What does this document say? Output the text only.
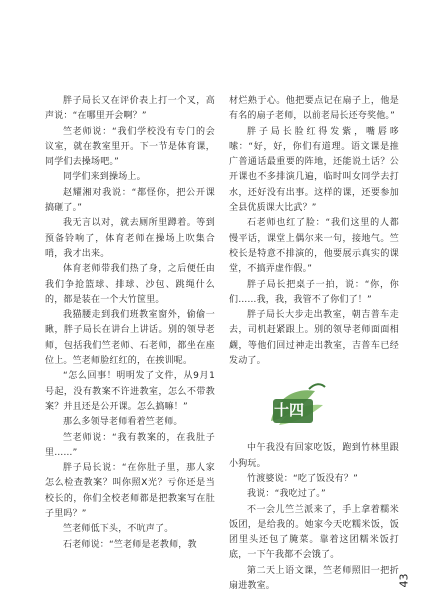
胖子局长又在评价表上打一个叉，高声说：“在哪里开会啊？”

竺老师说：“我们学校没有专门的会议室，就在教室里开。下一节是体育课，同学们去操场吧。”

同学们来到操场上。

赵耀湘对我说：“都怪你，把公开课搞砸了。”

我无言以对，就去厕所里蹲着。等到预备铃响了，体育老师在操场上吹集合哨，我才出来。

体育老师带我们热了身，之后便任由我们争抢篮球、排球、沙包、跳绳什么的，都是装在一个大竹筐里。

我猫腰走到我们班教室窗外，偷偷一瞅，胖子局长在讲台上讲话。别的领导老师，包括我们竺老师、石老师，都坐在座位上。竺老师脸红红的，在挨训呢。

“怎么回事！明明发了文件，从9月1号起，没有教案不许进教室，怎么不带教案？并且还是公开课。怎么搞嘛！”

那么多领导老师看着竺老师。

竺老师说：“我有教案的，在我肚子里……”

胖子局长说：“在你肚子里，那人家怎么检查教案？叫你照X光？亏你还是当校长的，你们全校老师都是把教案写在肚子里吗？”

竺老师低下头，不吭声了。

石老师说：“竺老师是老教师，教

材烂熟于心。他把要点记在扇子上，他是有名的扇子老师，以前老局长还夸奖他。”

胖子局长脸红得发紫，嘴唇哆嗦：“好，好，你们有道理。语文课是推广普通话最重要的阵地，还能说土话？公开课也不多排演几遍，临时叫女同学去打水，还好没有出事。这样的课，还要参加全县优质课大比武？”

石老师也红了脸：“我们这里的人都慢平话，课堂上偶尔来一句，接地气。竺校长是特意不排演的，他要展示真实的课堂，不搞弄虚作假。”

胖子局长把桌子一拍，说：“你，你们……我，我，我管不了你们了！”

胖子局长大步走出教室，朝吉普车走去，司机赶紧跟上。别的领导老师面面相觑，等他们回过神走出教室，吉普车已经发动了。

十四

中午我没有回家吃饭，跑到竹林里跟小狗玩。

竹渡婆说：“吃了饭没有？”

我说：“我吃过了。”

不一会儿竺兰派来了，手上拿着糯米饭团，是给我的。她家今天吃糯米饭，饭团里头还包了腌菜。靠着这团糯米饭打底，一下午我都不会饿了。

第二天上语文课，竺老师照旧一把折扇进教室。	43
